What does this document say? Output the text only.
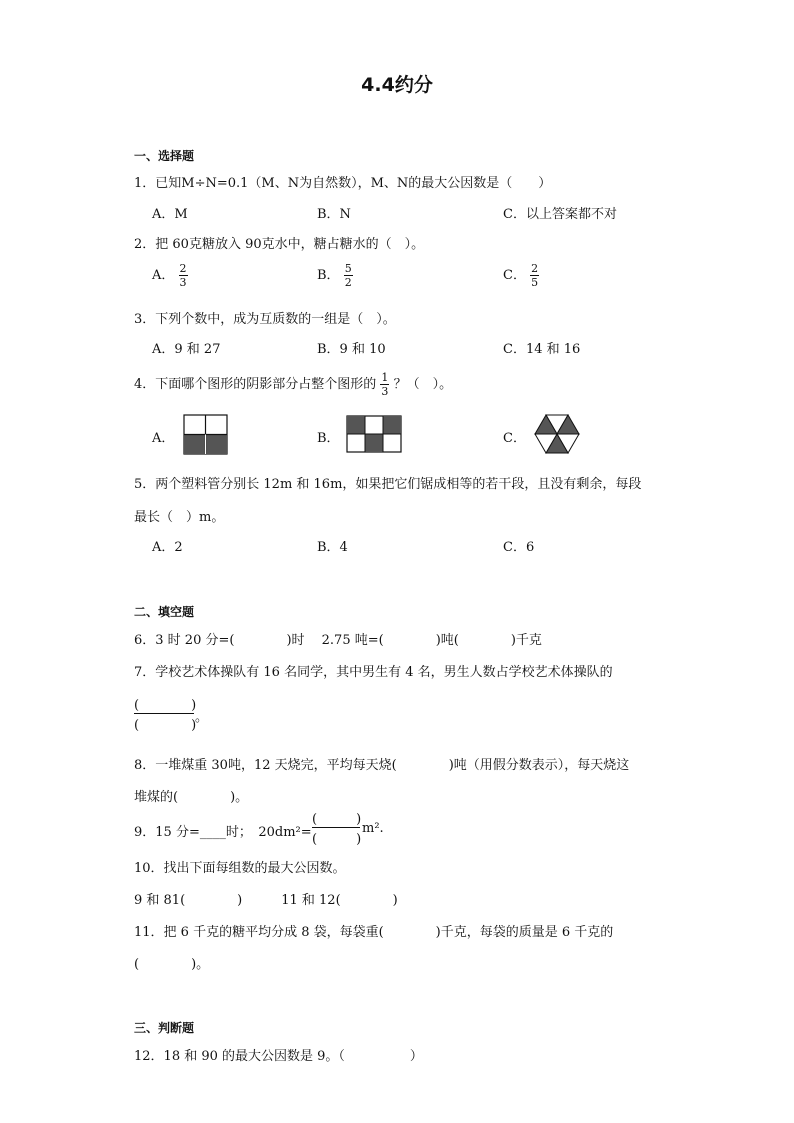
4.4约分
一、选择题
1．已知M÷N=0.1（M、N为自然数），M、N的最大公因数是（　　）
A．M	B．N	C．以上答案都不对
2．把 60克糖放入 90克水中，糖占糖水的（　）。
A． $\frac{2}{3}$	B． $\frac{5}{2}$	C． $\frac{2}{5}$
3．下列个数中，成为互质数的一组是（　）。
A．9 和 27	B．9 和 10	C．14 和 16
4．下面哪个图形的阴影部分占整个图形的 $\frac{1}{3}$ ？（　）。
A．	B．	C．
5．两个塑料管分别长 12m 和 16m，如果把它们锯成相等的若干段，且没有剩余，每段
最长（　）m。
A．2	B．4	C．6
二、填空题
6．3 时 20 分=(　　　　)时　 2.75 吨=(　　　　)吨(　　　　)千克
7．学校艺术体操队有 16 名同学，其中男生有 4 名，男生人数占学校艺术体操队的
(　　　　)
(　　　　)
。
8．一堆煤重 30吨，12 天烧完，平均每天烧(　　　　)吨（用假分数表示），每天烧这
堆煤的(　　　　)。
9．15 分=____时；　20dm²=
(　　　)
(　　　)
m².
10．找出下面每组数的最大公因数。
9 和 81(　　　　)　　　11 和 12(　　　　)
11．把 6 千克的糖平均分成 8 袋，每袋重(　　　　)千克，每袋的质量是 6 千克的
(　　　　)。
三、判断题
12．18 和 90 的最大公因数是 9。（　　　　　）
